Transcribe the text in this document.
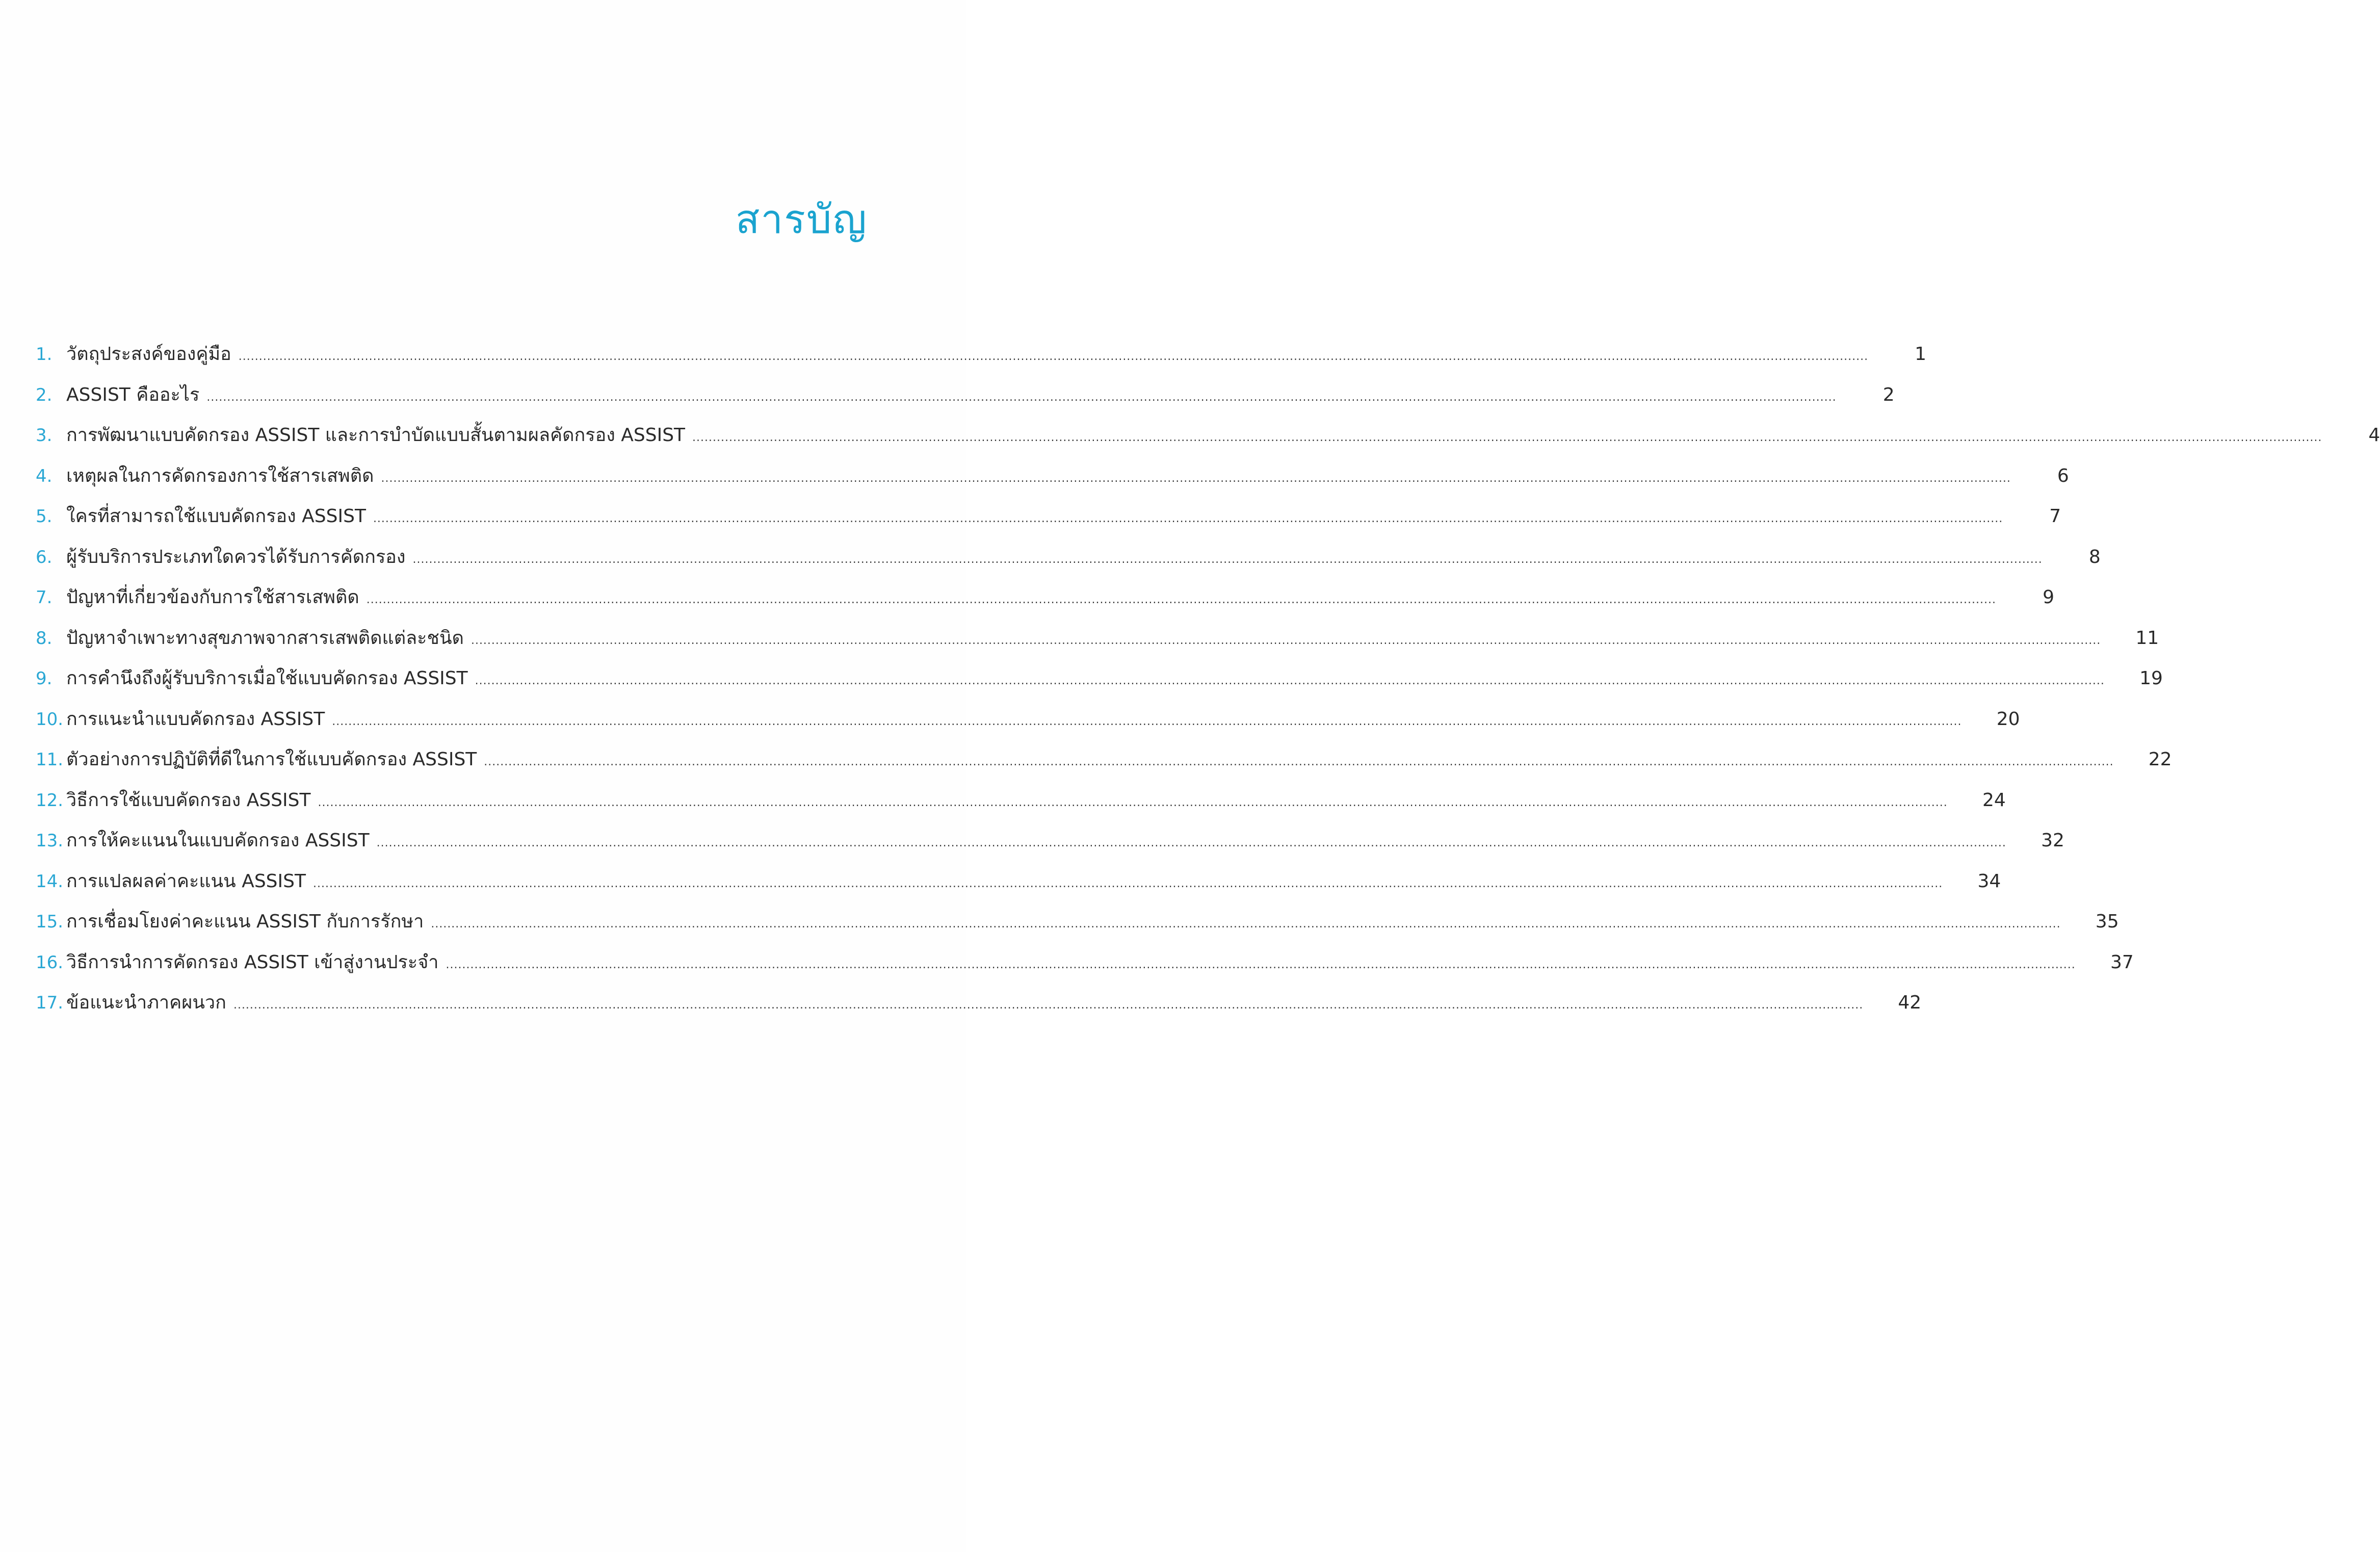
สารบัญ
1. วัตถุประสงค์ของคู่มือ ................................................................................................................................................................................................................................................................................................................................................................................................................	1
2. ASSIST คืออะไร ................................................................................................................................................................................................................................................................................................................................................................................................................	2
3. การพัฒนาแบบคัดกรอง ASSIST และการบำบัดแบบสั้นตามผลคัดกรอง ASSIST ................................................................................................................................................................................................................................................................................................................................................................................................................	4
4. เหตุผลในการคัดกรองการใช้สารเสพติด ................................................................................................................................................................................................................................................................................................................................................................................................................	6
5. ใครที่สามารถใช้แบบคัดกรอง ASSIST ................................................................................................................................................................................................................................................................................................................................................................................................................	7
6. ผู้รับบริการประเภทใดควรได้รับการคัดกรอง ................................................................................................................................................................................................................................................................................................................................................................................................................	8
7. ปัญหาที่เกี่ยวข้องกับการใช้สารเสพติด ................................................................................................................................................................................................................................................................................................................................................................................................................	9
8. ปัญหาจำเพาะทางสุขภาพจากสารเสพติดแต่ละชนิด ................................................................................................................................................................................................................................................................................................................................................................................................................	11
9. การคำนึงถึงผู้รับบริการเมื่อใช้แบบคัดกรอง ASSIST ................................................................................................................................................................................................................................................................................................................................................................................................................	19
10. การแนะนำแบบคัดกรอง ASSIST ................................................................................................................................................................................................................................................................................................................................................................................................................	20
11. ตัวอย่างการปฏิบัติที่ดีในการใช้แบบคัดกรอง ASSIST ................................................................................................................................................................................................................................................................................................................................................................................................................	22
12. วิธีการใช้แบบคัดกรอง ASSIST ................................................................................................................................................................................................................................................................................................................................................................................................................	24
13. การให้คะแนนในแบบคัดกรอง ASSIST ................................................................................................................................................................................................................................................................................................................................................................................................................	32
14. การแปลผลค่าคะแนน ASSIST ................................................................................................................................................................................................................................................................................................................................................................................................................	34
15. การเชื่อมโยงค่าคะแนน ASSIST กับการรักษา ................................................................................................................................................................................................................................................................................................................................................................................................................	35
16. วิธีการนำการคัดกรอง ASSIST เข้าสู่งานประจำ ................................................................................................................................................................................................................................................................................................................................................................................................................	37
17. ข้อแนะนำภาคผนวก ................................................................................................................................................................................................................................................................................................................................................................................................................	42
